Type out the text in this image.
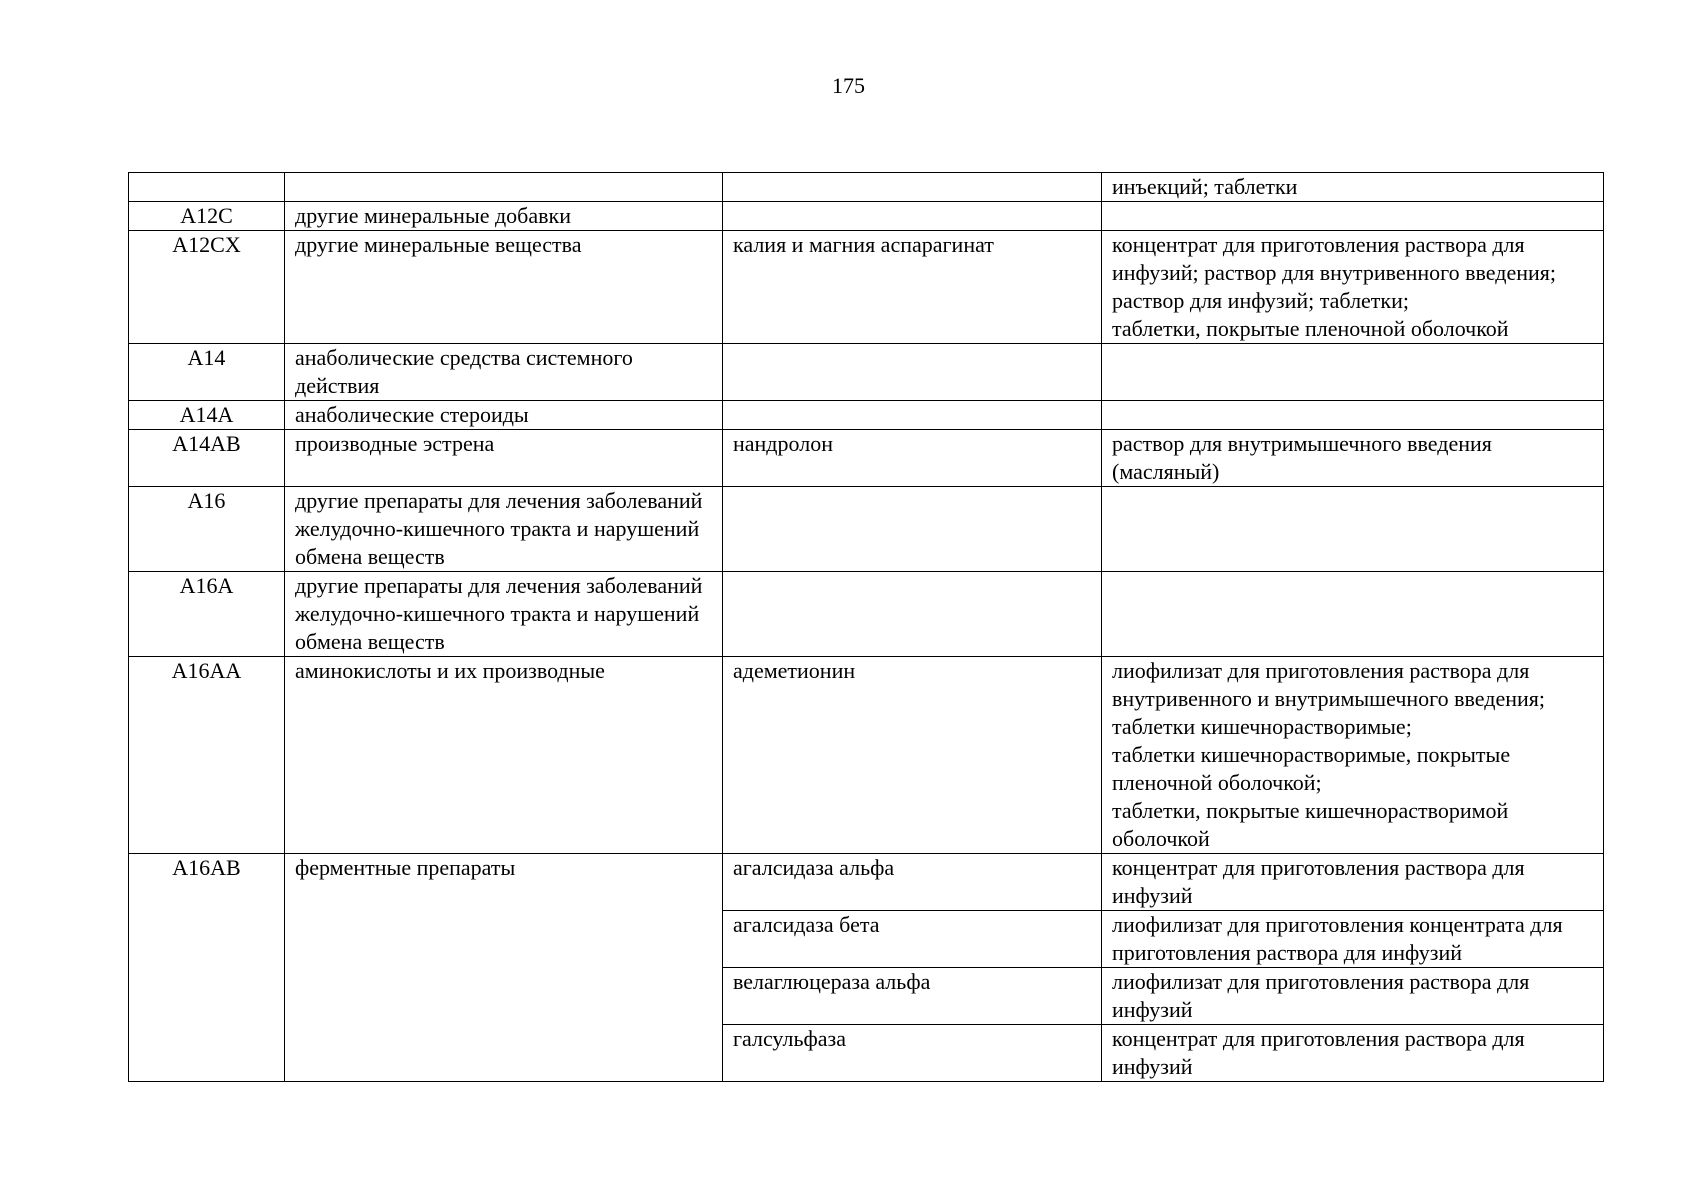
175
			инъекций; таблетки
A12C	другие минеральные добавки		
A12CX	другие минеральные вещества	калия и магния аспарагинат	концентрат для приготовления раствора для инфузий; раствор для внутривенного введения;
раствор для инфузий; таблетки;
таблетки, покрытые пленочной оболочкой
A14	анаболические средства системного действия		
A14A	анаболические стероиды		
A14AB	производные эстрена	нандролон	раствор для внутримышечного введения (масляный)
A16	другие препараты для лечения заболеваний желудочно-кишечного тракта и нарушений обмена веществ		
A16A	другие препараты для лечения заболеваний желудочно-кишечного тракта и нарушений обмена веществ		
A16AA	аминокислоты и их производные	адеметионин	лиофилизат для приготовления раствора для внутривенного и внутримышечного введения;
таблетки кишечнорастворимые;
таблетки кишечнорастворимые, покрытые пленочной оболочкой;
таблетки, покрытые кишечнорастворимой оболочкой
A16AB	ферментные препараты	агалсидаза альфа	концентрат для приготовления раствора для инфузий
		агалсидаза бета	лиофилизат для приготовления концентрата для приготовления раствора для инфузий
		велаглюцераза альфа	лиофилизат для приготовления раствора для инфузий
		галсульфаза	концентрат для приготовления раствора для инфузий
